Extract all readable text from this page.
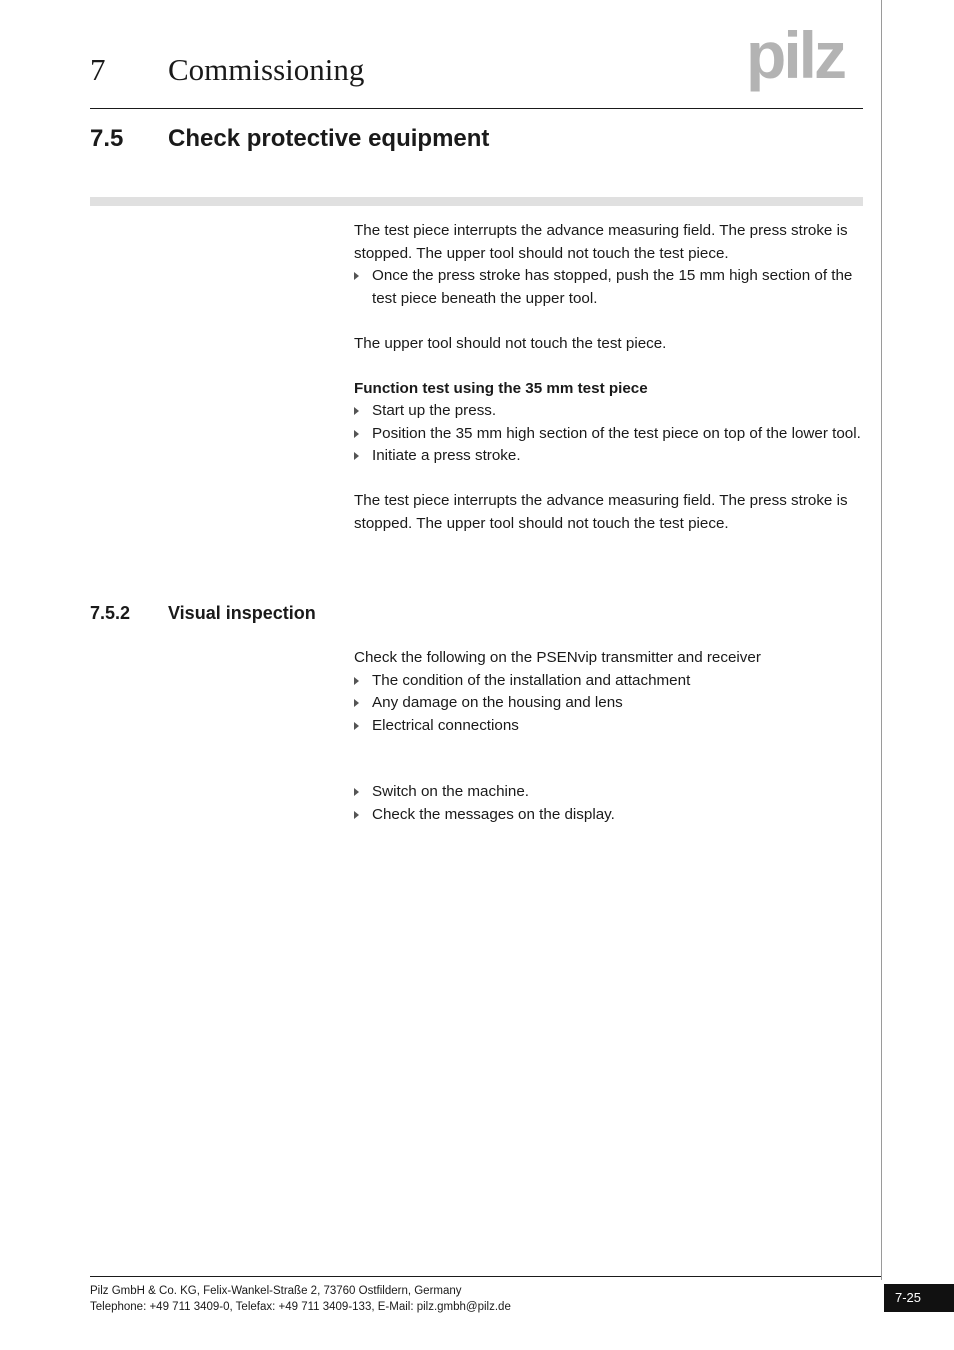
7 Commissioning	pilz
7.5 Check protective equipment

The test piece interrupts the advance measuring field. The press stroke is stopped. The upper tool should not touch the test piece.

Once the press stroke has stopped, push the 15 mm high section of the test piece beneath the upper tool.

The upper tool should not touch the test piece.

Function test using the 35 mm test piece

Start up the press.
Position the 35 mm high section of the test piece on top of the lower tool.
Initiate a press stroke.

The test piece interrupts the advance measuring field. The press stroke is stopped. The upper tool should not touch the test piece.

7.5.2 Visual inspection

Check the following on the PSENvip transmitter and receiver

The condition of the installation and attachment
Any damage on the housing and lens
Electrical connections

Switch on the machine.
Check the messages on the display.
Pilz GmbH & Co. KG, Felix-Wankel-Straße 2, 73760 Ostfildern, Germany
Telephone: +49 711 3409-0, Telefax: +49 711 3409-133, E-Mail: pilz.gmbh@pilz.de
7-25
